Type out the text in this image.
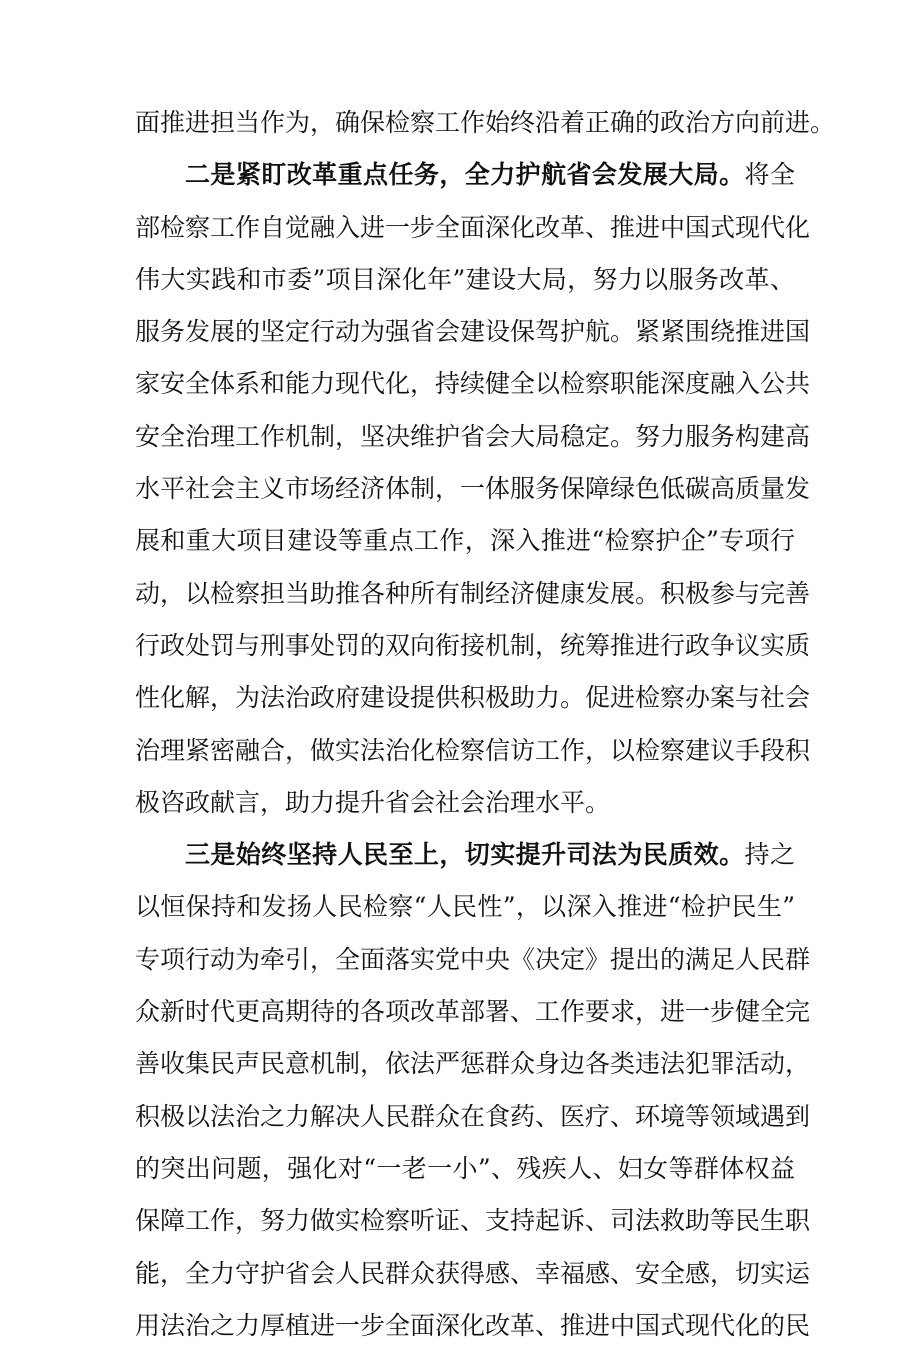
面推进担当作为，确保检察工作始终沿着正确的政治方向前进。
二是紧盯改革重点任务，全力护航省会发展大局。将全
部检察工作自觉融入进一步全面深化改革、推进中国式现代化
伟大实践和市委”项目深化年”建设大局，努力以服务改革、
服务发展的坚定行动为强省会建设保驾护航。紧紧围绕推进国
家安全体系和能力现代化，持续健全以检察职能深度融入公共
安全治理工作机制，坚决维护省会大局稳定。努力服务构建高
水平社会主义市场经济体制，一体服务保障绿色低碳高质量发
展和重大项目建设等重点工作，深入推进“检察护企”专项行
动，以检察担当助推各种所有制经济健康发展。积极参与完善
行政处罚与刑事处罚的双向衔接机制，统筹推进行政争议实质
性化解，为法治政府建设提供积极助力。促进检察办案与社会
治理紧密融合，做实法治化检察信访工作，以检察建议手段积
极咨政献言，助力提升省会社会治理水平。
三是始终坚持人民至上，切实提升司法为民质效。持之
以恒保持和发扬人民检察“人民性”，以深入推进“检护民生”
专项行动为牵引，全面落实党中央《决定》提出的满足人民群
众新时代更高期待的各项改革部署、工作要求，进一步健全完
善收集民声民意机制，依法严惩群众身边各类违法犯罪活动，
积极以法治之力解决人民群众在食药、医疗、环境等领域遇到
的突出问题，强化对“一老一小”、残疾人、妇女等群体权益
保障工作，努力做实检察听证、支持起诉、司法救助等民生职
能，全力守护省会人民群众获得感、幸福感、安全感，切实运
用法治之力厚植进一步全面深化改革、推进中国式现代化的民
